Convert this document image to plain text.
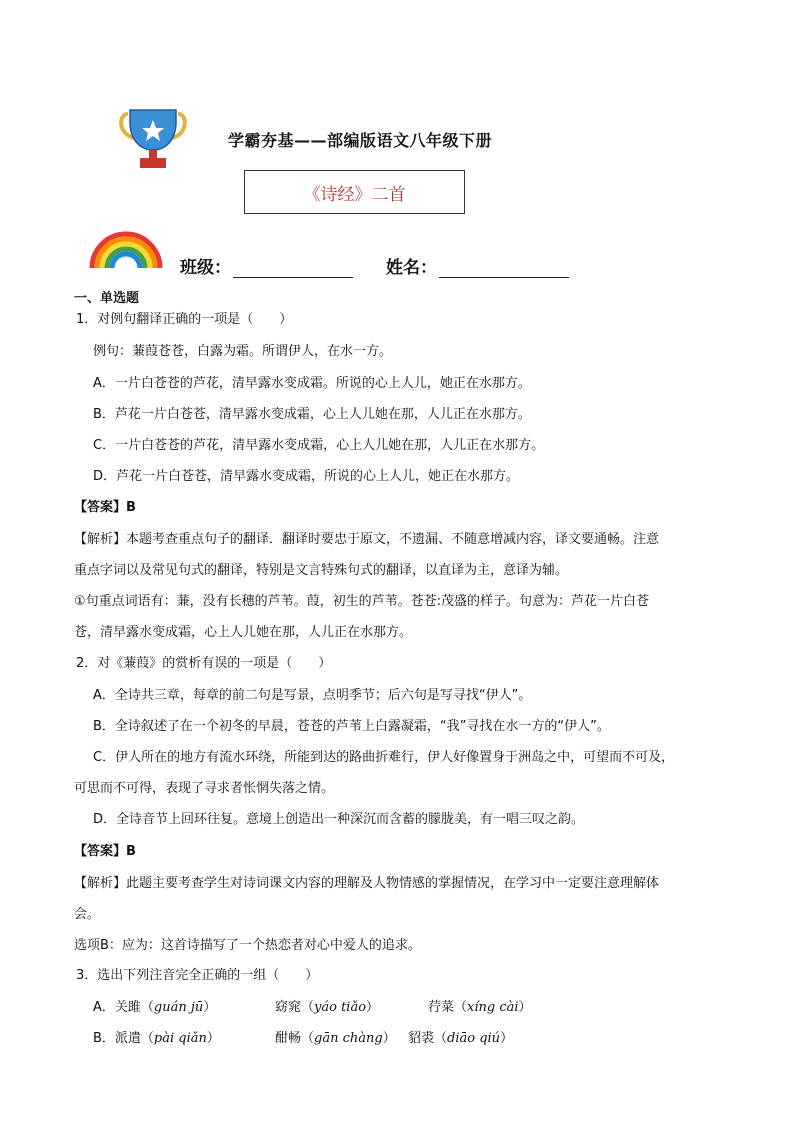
学霸夯基——部编版语文八年级下册
《诗经》二首
班级：	姓名：
一、单选题
1．对例句翻译正确的一项是（　　）
例句：蒹葭苍苍，白露为霜。所谓伊人，在水一方。
A．一片白苍苍的芦花，清早露水变成霜。所说的心上人儿，她正在水那方。
B．芦花一片白苍苍，清早露水变成霜，心上人儿她在那，人儿正在水那方。
C．一片白苍苍的芦花，清早露水变成霜，心上人儿她在那，人儿正在水那方。
D．芦花一片白苍苍，清早露水变成霜，所说的心上人儿，她正在水那方。
【答案】B
【解析】本题考查重点句子的翻译．翻译时要忠于原文，不遗漏、不随意增减内容，译文要通畅。注意
重点字词以及常见句式的翻译，特别是文言特殊句式的翻译，以直译为主，意译为辅。
①句重点词语有：蒹，没有长穗的芦苇。葭，初生的芦苇。苍苍:茂盛的样子。句意为：芦花一片白苍
苍，清早露水变成霜，心上人儿她在那，人儿正在水那方。
2．对《蒹葭》的赏析有误的一项是（　　）
A．全诗共三章，每章的前二句是写景，点明季节；后六句是写寻找“伊人”。
B．全诗叙述了在一个初冬的早晨，苍苍的芦苇上白露凝霜，“我”寻找在水一方的“伊人”。
C．伊人所在的地方有流水环绕，所能到达的路曲折难行，伊人好像置身于洲岛之中，可望而不可及，
可思而不可得，表现了寻求者怅惘失落之情。
D．全诗音节上回环往复。意境上创造出一种深沉而含蓄的朦胧美，有一唱三叹之韵。
【答案】B
【解析】此题主要考查学生对诗词课文内容的理解及人物情感的掌握情况，在学习中一定要注意理解体
会。
选项B：应为：这首诗描写了一个热恋者对心中爱人的追求。
3．选出下列注音完全正确的一组（　　）
A．关雎（guán jū）	窈窕（yáo tiǎo）	荇菜（xíng cài）
B．派遣（pài qiǎn）	酣畅（gān chàng） 貂裘（diāo qiú）
